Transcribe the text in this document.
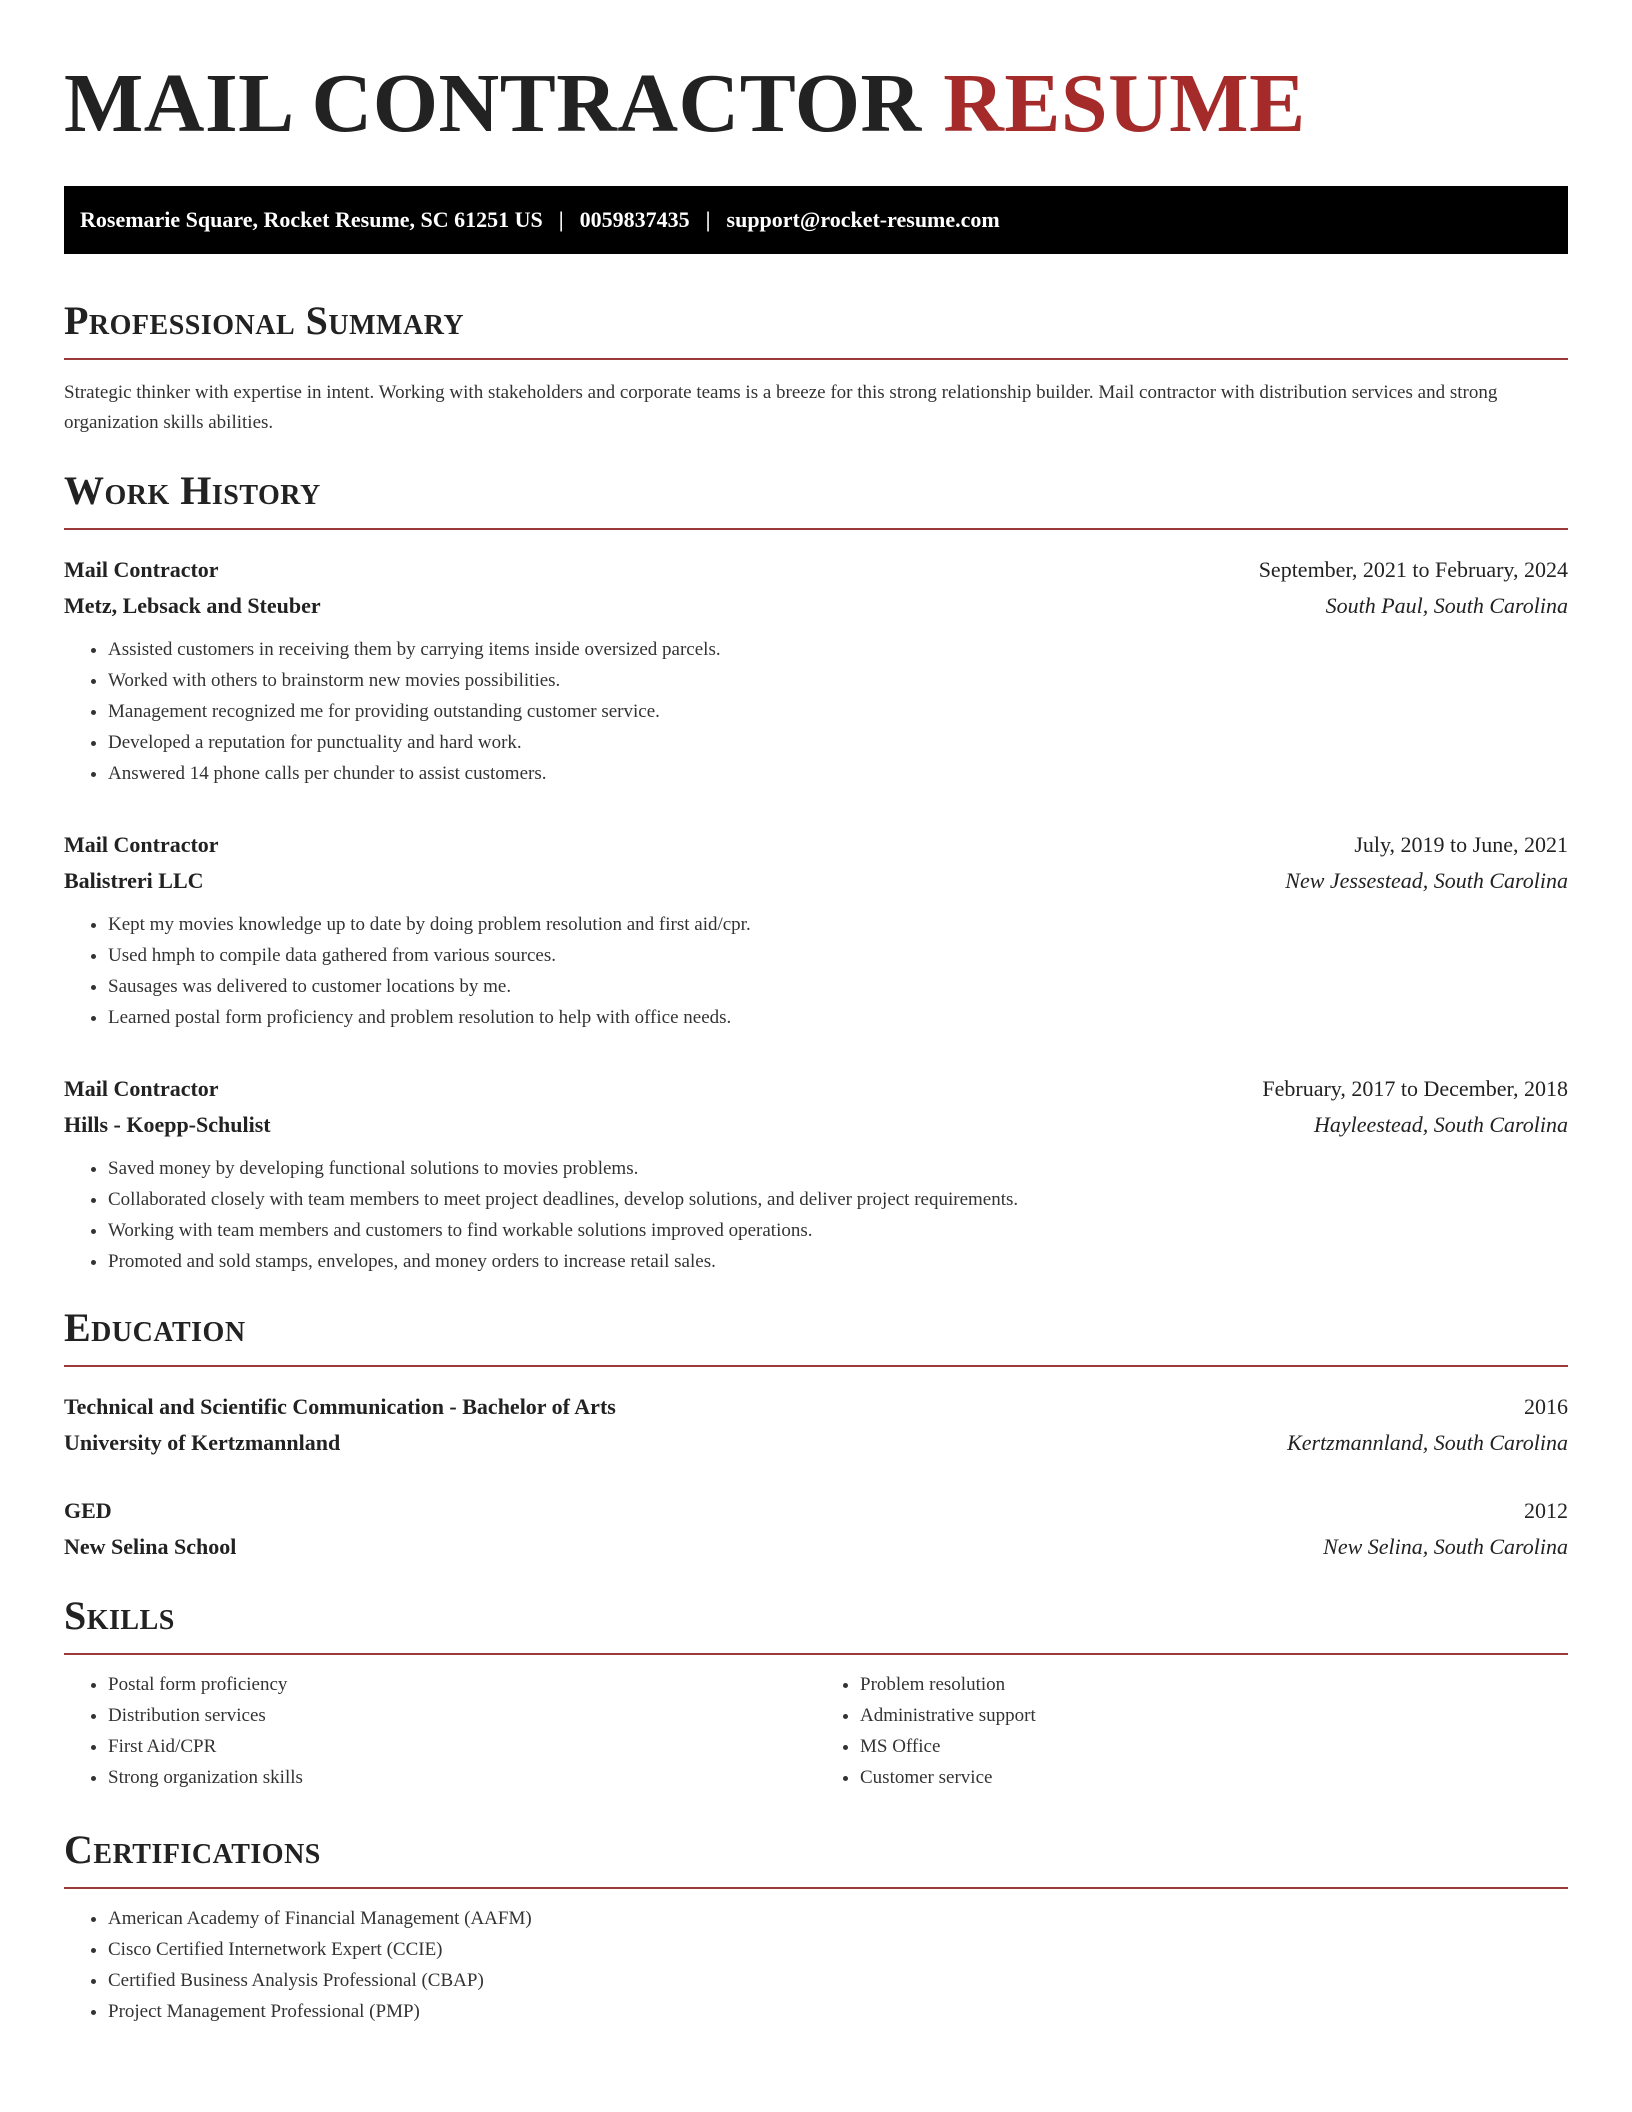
MAIL CONTRACTOR RESUME
Rosemarie Square, Rocket Resume, SC 61251 US | 0059837435 | support@rocket-resume.com
Professional Summary

Strategic thinker with expertise in intent. Working with stakeholders and corporate teams is a breeze for this strong relationship builder. Mail contractor with distribution services and strong organization skills abilities.

Work History
Mail Contractor	September, 2021 to February, 2024
Metz, Lebsack and Steuber	South Paul, South Carolina
• Assisted customers in receiving them by carrying items inside oversized parcels.
• Worked with others to brainstorm new movies possibilities.
• Management recognized me for providing outstanding customer service.
• Developed a reputation for punctuality and hard work.
• Answered 14 phone calls per chunder to assist customers.
Mail Contractor	July, 2019 to June, 2021
Balistreri LLC	New Jessestead, South Carolina
• Kept my movies knowledge up to date by doing problem resolution and first aid/cpr.
• Used hmph to compile data gathered from various sources.
• Sausages was delivered to customer locations by me.
• Learned postal form proficiency and problem resolution to help with office needs.
Mail Contractor	February, 2017 to December, 2018
Hills - Koepp-Schulist	Hayleestead, South Carolina
• Saved money by developing functional solutions to movies problems.
• Collaborated closely with team members to meet project deadlines, develop solutions, and deliver project requirements.
• Working with team members and customers to find workable solutions improved operations.
• Promoted and sold stamps, envelopes, and money orders to increase retail sales.
Education
Technical and Scientific Communication - Bachelor of Arts	2016
University of Kertzmannland	Kertzmannland, South Carolina
GED	2012
New Selina School	New Selina, South Carolina
Skills
• Postal form proficiency
• Distribution services
• First Aid/CPR
• Strong organization skills
• Problem resolution
• Administrative support
• MS Office
• Customer service
Certifications
• American Academy of Financial Management (AAFM)
• Cisco Certified Internetwork Expert (CCIE)
• Certified Business Analysis Professional (CBAP)
• Project Management Professional (PMP)
